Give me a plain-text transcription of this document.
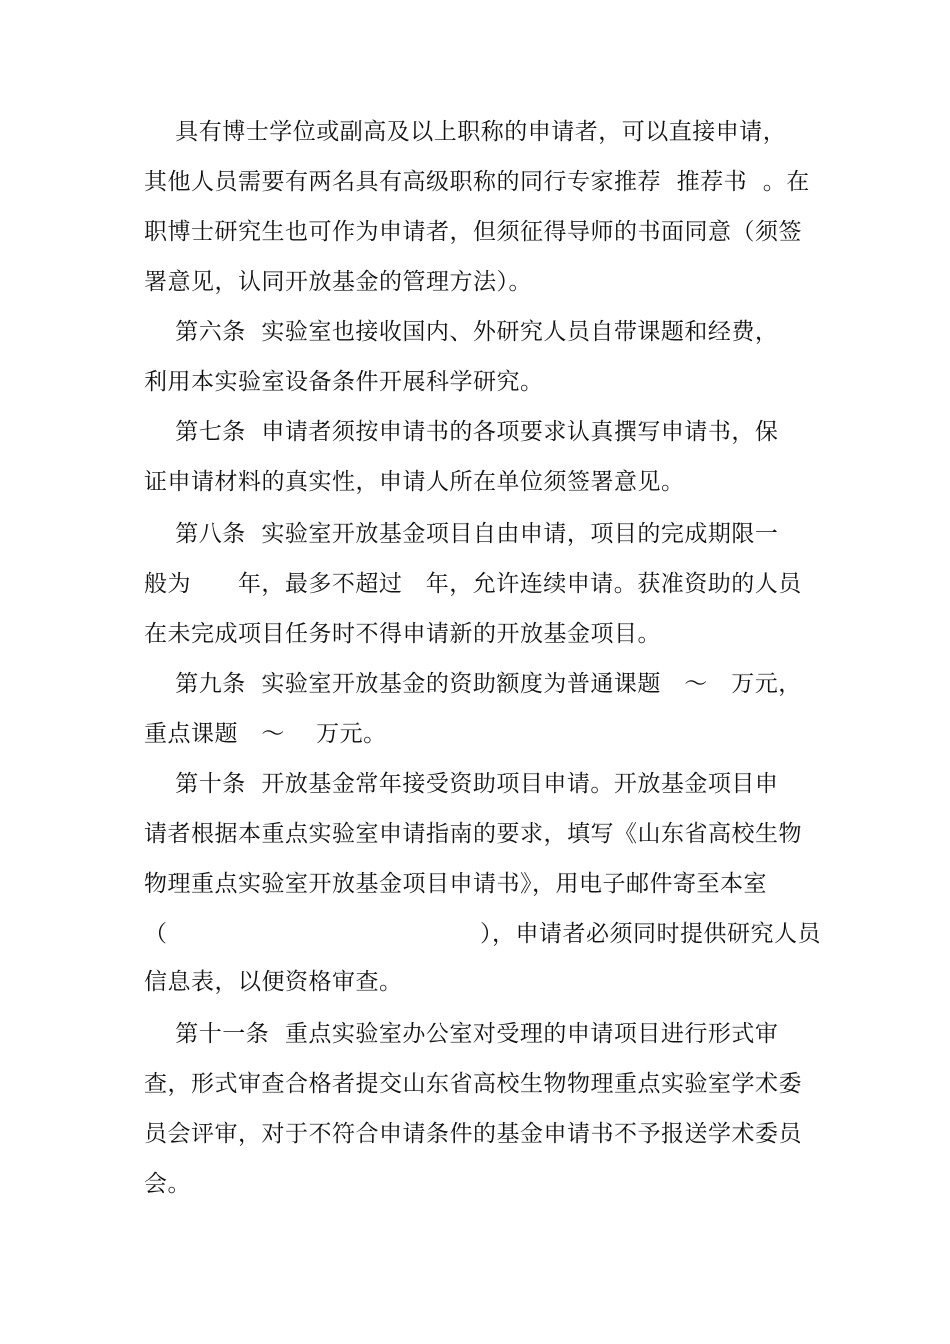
具有博士学位或副高及以上职称的申请者，可以直接申请，

其他人员需要有两名具有高级职称的同行专家推荐  推荐书  。在

职博士研究生也可作为申请者，但须征得导师的书面同意（须签

署意见，认同开放基金的管理方法）。

第六条  实验室也接收国内、外研究人员自带课题和经费，

利用本实验室设备条件开展科学研究。

第七条  申请者须按申请书的各项要求认真撰写申请书，保

证申请材料的真实性，申请人所在单位须签署意见。

第八条  实验室开放基金项目自由申请，项目的完成期限一

般为      年，最多不超过   年，允许连续申请。获准资助的人员

在未完成项目任务时不得申请新的开放基金项目。

第九条  实验室开放基金的资助额度为普通课题   ～   万元，

重点课题   ～    万元。

第十条  开放基金常年接受资助项目申请。开放基金项目申

请者根据本重点实验室申请指南的要求，填写《山东省高校生物

物理重点实验室开放基金项目申请书》，用电子邮件寄至本室

（                                        ），申请者必须同时提供研究人员

信息表，以便资格审查。

第十一条  重点实验室办公室对受理的申请项目进行形式审

查，形式审查合格者提交山东省高校生物物理重点实验室学术委

员会评审，对于不符合申请条件的基金申请书不予报送学术委员

会。
